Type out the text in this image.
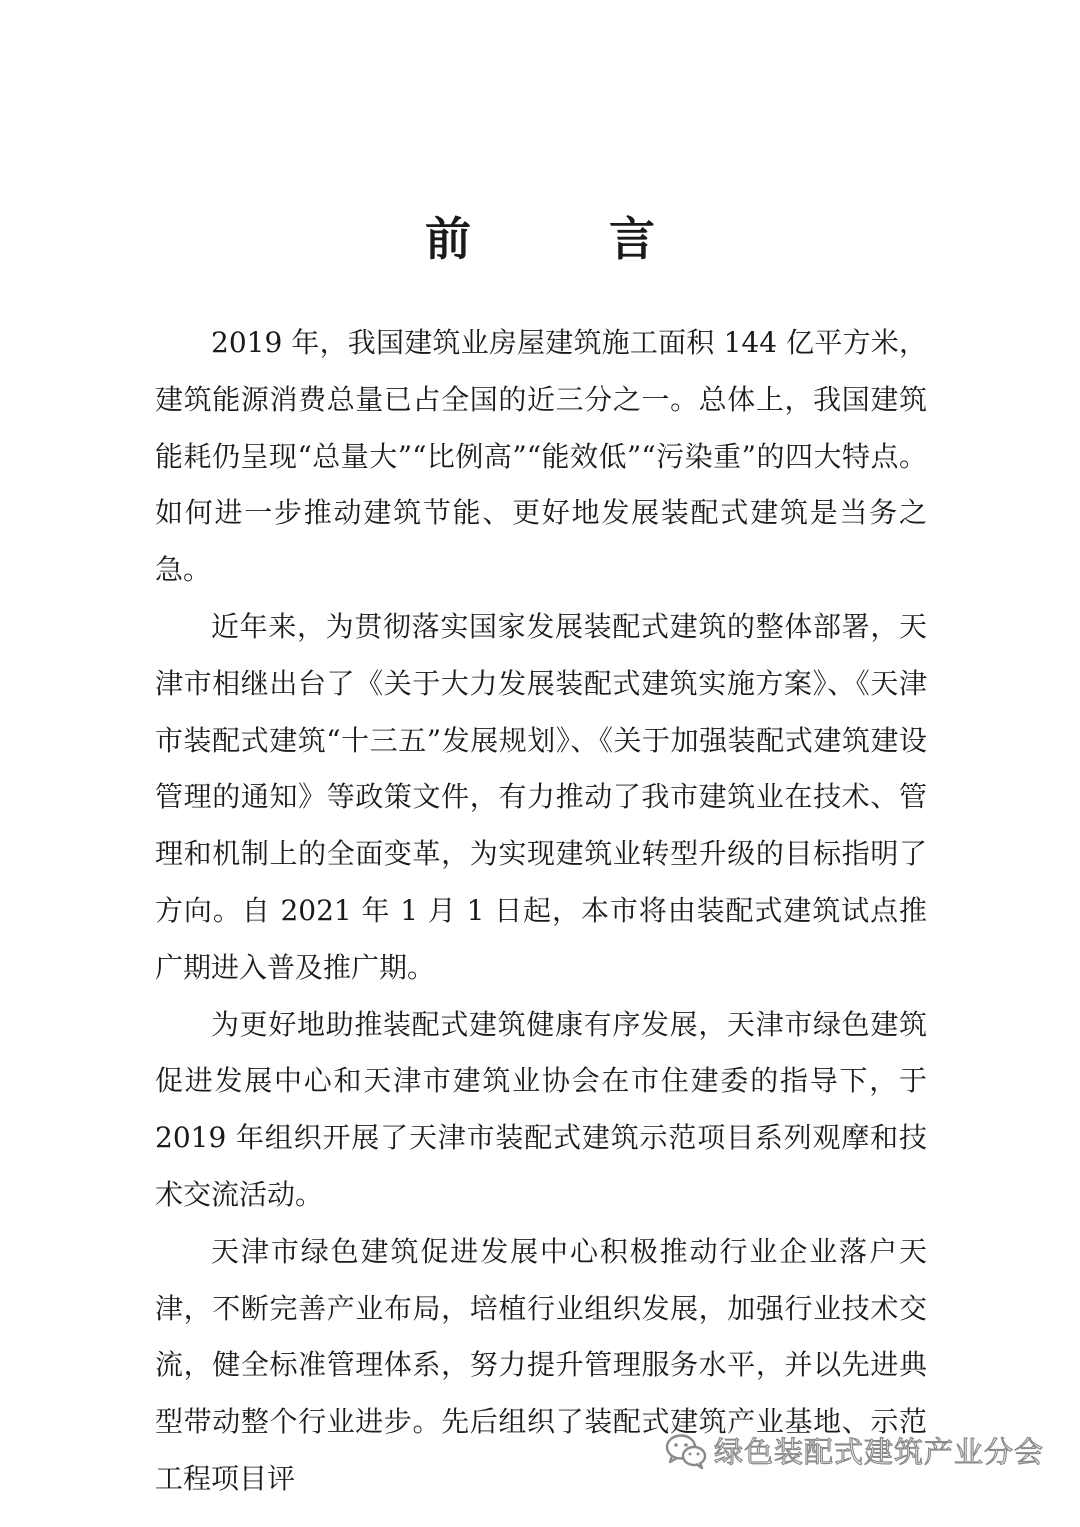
前　言

2019 年，我国建筑业房屋建筑施工面积 144 亿平方米，建筑能源消费总量已占全国的近三分之一。总体上，我国建筑能耗仍呈现“总量大”“比例高”“能效低”“污染重”的四大特点。如何进一步推动建筑节能、更好地发展装配式建筑是当务之急。

近年来，为贯彻落实国家发展装配式建筑的整体部署，天津市相继出台了《关于大力发展装配式建筑实施方案》、《天津市装配式建筑“十三五”发展规划》、《关于加强装配式建筑建设管理的通知》等政策文件，有力推动了我市建筑业在技术、管理和机制上的全面变革，为实现建筑业转型升级的目标指明了方向。自 2021 年 1 月 1 日起，本市将由装配式建筑试点推广期进入普及推广期。

为更好地助推装配式建筑健康有序发展，天津市绿色建筑促进发展中心和天津市建筑业协会在市住建委的指导下，于 2019 年组织开展了天津市装配式建筑示范项目系列观摩和技术交流活动。

天津市绿色建筑促进发展中心积极推动行业企业落户天津，不断完善产业布局，培植行业组织发展，加强行业技术交流，健全标准管理体系，努力提升管理服务水平，并以先进典型带动整个行业进步。先后组织了装配式建筑产业基地、示范工程项目评

绿色装配式建筑产业分会
